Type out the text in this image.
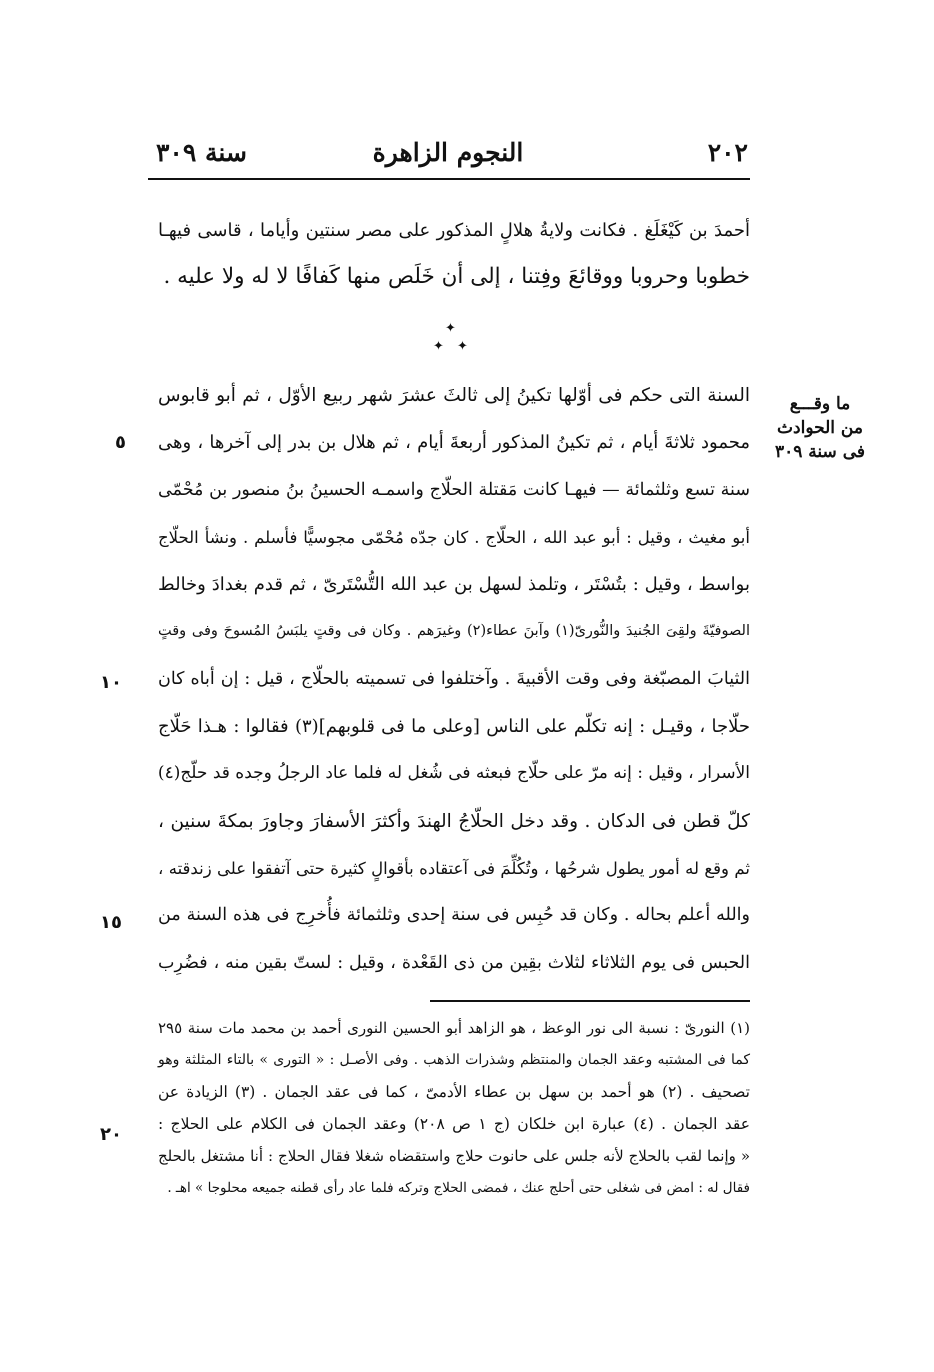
٢٠٢
النجوم الزاهرة
سنة ٣٠٩
أحمدَ بن كَيْغَلَغ . فكانت ولايةُ هلالٍ المذكور على مصر سنتين وأياما ، قاسى فيهـا
خطوبا وحروبا ووقائعَ وفِتنا ، إلى أن خَلَص منها كَفافًا لا له ولا عليه .
✦
✦ ✦
ما وقـــع
من الحوادث
فى سنة ٣٠٩
السنة التى حكم فى أوّلها تكينُ إلى ثالثَ عشرَ شهر ربيع الأوّل ، ثم أبو قابوس
محمود ثلاثةَ أيام ، ثم تكينُ المذكور أربعةَ أيام ، ثم هلال بن بدر إلى آخرها ، وهى
سنة تسع وثلثمائة — فيهـا كانت مَقتلة الحلّاج واسمـه الحسينُ بنُ منصور بن مُحْمّى
أبو مغيث ، وقيل : أبو عبد الله ، الحلّاج . كان جدّه مُحْمّى مجوسيًّا فأسلم . ونشأ الحلّاج
بواسط ، وقيل : بتُسْتَر ، وتلمذ لسهل بن عبد الله التُّسْتَرىّ ، ثم قدم بغدادَ وخالط
الصوفيّةَ ولقِىَ الجُنيدَ والنُّورىّ(١) وآبنَ عطاء(٢) وغيرَهم . وكان فى وقتٍ يلبَسُ المُسوحَ وفى وقتٍ
الثيابَ المصبّغة وفى وقت الأقبيةَ . وآختلفوا فى تسميته بالحلّاج ، قيل : إن أباه كان
حلّاجا ، وقيـل : إنه تكلّم على الناس [وعلى ما فى قلوبهم](٣) فقالوا : هـذا حَلّاج
الأسرار ، وقيل : إنه مرّ على حلّاج فبعثه فى شُغل له فلما عاد الرجلُ وجده قد حلّج(٤)
كلّ قطن فى الدكان . وقد دخل الحلّاجُ الهندَ وأكثرَ الأسفارَ وجاورَ بمكةَ سنين ،
ثم وقع له أمور يطول شرحُها ، وتُكُلِّمَ فى آعتقاده بأقوالٍ كثيرة حتى آتفقوا على زندقته ،
والله أعلم بحاله . وكان قد حُبِس فى سنة إحدى وثلثمائة فأُخرِج فى هذه السنة من
الحبس فى يوم الثلاثاء لثلاث بقِين من ذى القَعْدة ، وقيل : لستّ بقين منه ، فضُرِب
٥
١٠
١٥
٢٠
(١) النورىّ : نسبة الى نور الوعظ ، هو الزاهد أبو الحسين النورى أحمد بن محمد مات سنة ٢٩٥
كما فى المشتبه وعقد الجمان والمنتظم وشذرات الذهب . وفى الأصـل : « التورى » بالتاء المثلثة وهو
تصحيف . (٢) هو أحمد بن سهل بن عطاء الأدمىّ ، كما فى عقد الجمان . (٣) الزيادة عن
عقد الجمان . (٤) عبارة ابن خلكان (ج ١ ص ٢٠٨) وعقد الجمان فى الكلام على الحلاج :
« وإنما لقب بالحلاج لأنه جلس على حانوت حلاج واستقضاه شغلا فقال الحلاج : أنا مشتغل بالحلج
فقال له : امض فى شغلى حتى أحلج عنك ، فمضى الحلاج وتركه فلما عاد رأى قطنه جميعه محلوجا » اهـ .
